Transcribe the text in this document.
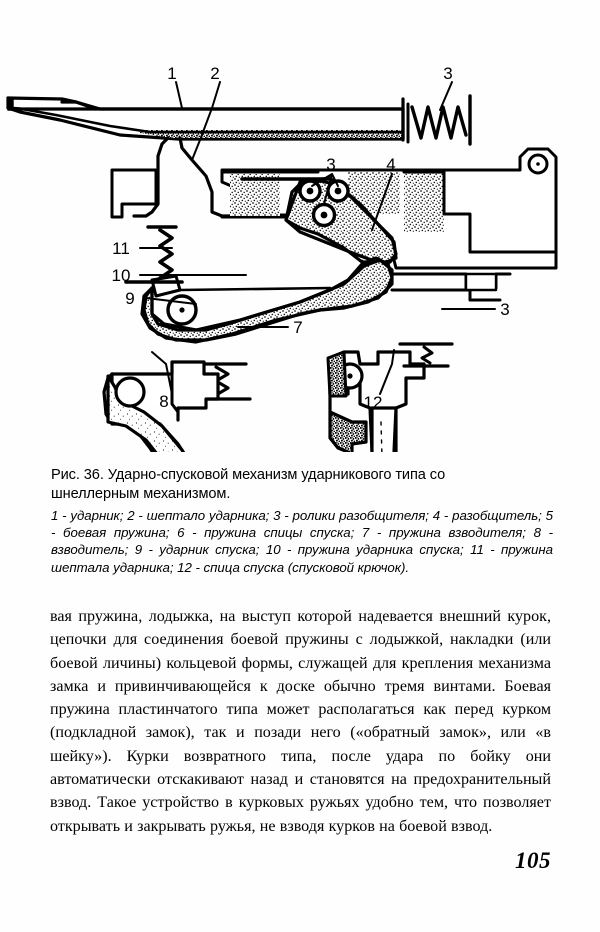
1 2	3
3	4
11
10
9
7
3
8	12

Рис. 36. Ударно-спусковой механизм ударникового типа со

шнеллерным механизмом.

1 - ударник; 2 - шептало ударника; 3 - ролики разобщителя; 4 - разобщитель; 5 - боевая пружина; 6 - пружина спицы спуска; 7 - пружина взводителя; 8 - взводитель; 9 - ударник спуска; 10 - пружина ударника спуска; 11 - пружина шептала ударника; 12 - спица спуска (спусковой крючок).

вая пружина, лодыжка, на выступ которой надевается внешний курок, цепочки для соединения боевой пружины с лодыжкой, накладки (или боевой личины) кольцевой формы, служащей для крепления механизма замка и привинчивающейся к доске обычно тремя винтами. Боевая пружина пластинчатого типа может располагаться как перед курком (подкладной замок), так и позади него («обратный замок», или «в шейку»). Курки возвратного типа, после удара по бойку они автоматически отскакивают назад и становятся на предохранительный взвод. Такое устройство в курковых ружьях удобно тем, что позволяет открывать и закрывать ружья, не взводя курков на боевой взвод.

105
